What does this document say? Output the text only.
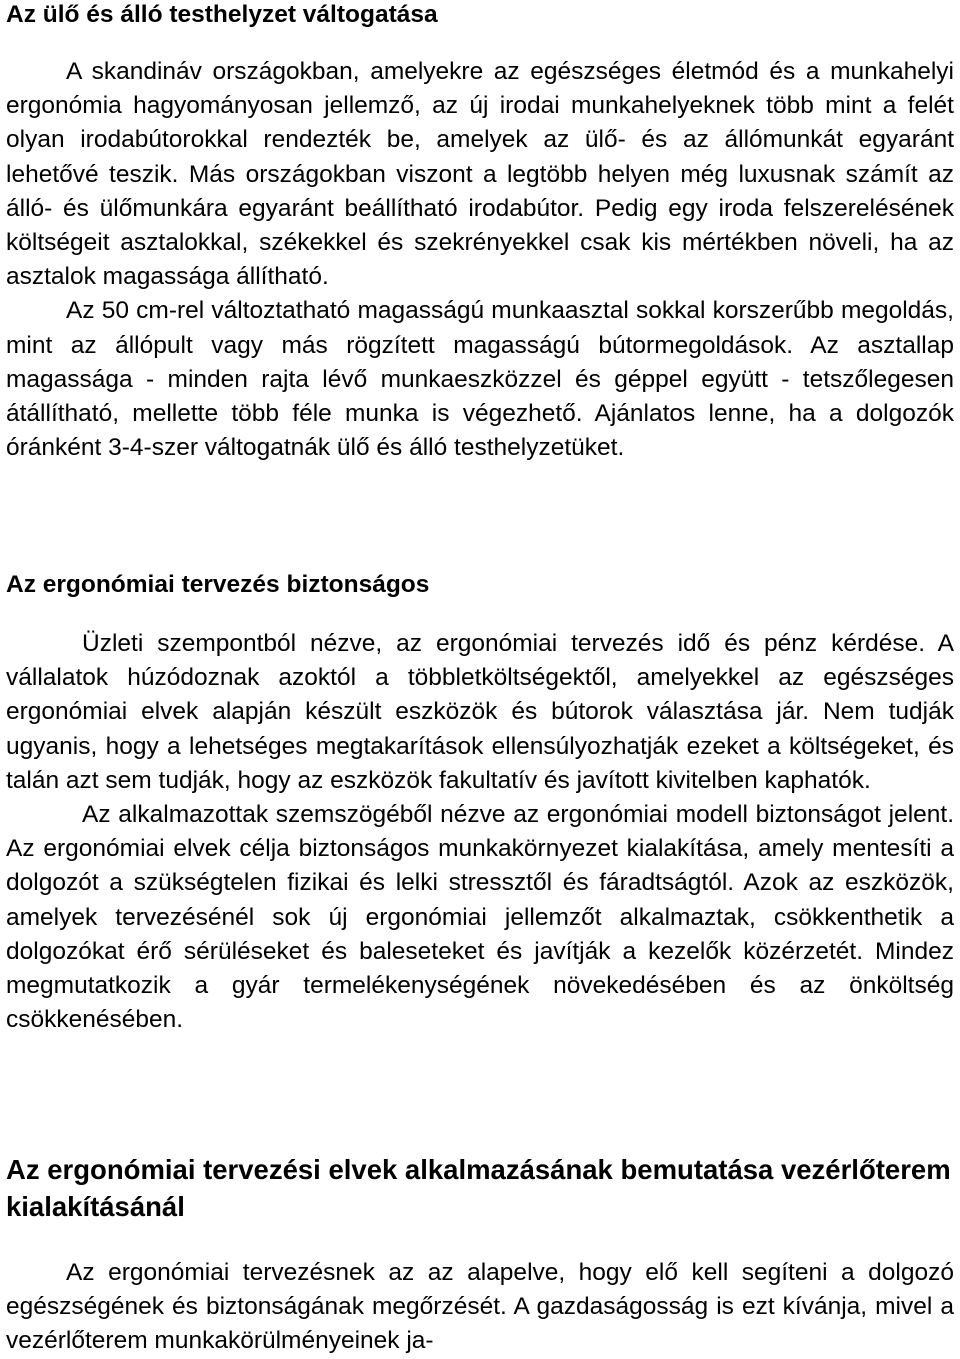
Az ülő és álló testhelyzet váltogatása

A skandináv országokban, amelyekre az egészséges életmód és a munkahelyi ergonómia hagyományosan jellemző, az új irodai munkahelyeknek több mint a felét olyan irodabútorokkal rendezték be, amelyek az ülő- és az állómunkát egyaránt lehetővé teszik. Más országokban viszont a legtöbb helyen még luxusnak számít az álló- és ülőmunkára egyaránt beállítható irodabútor. Pedig egy iroda felszerelésének költségeit asztalokkal, székekkel és szekrényekkel csak kis mértékben növeli, ha az asztalok magassága állítható.

Az 50 cm-rel változtatható magasságú munkaasztal sokkal korszerűbb megoldás, mint az állópult vagy más rögzített magasságú bútormegoldások. Az asztallap magassága - minden rajta lévő munkaeszközzel és géppel együtt - tetszőlegesen átállítható, mellette több féle munka is végezhető. Ajánlatos lenne, ha a dolgozók óránként 3-4-szer váltogatnák ülő és álló testhelyzetüket.

Az ergonómiai tervezés biztonságos

Üzleti szempontból nézve, az ergonómiai tervezés idő és pénz kérdése. A vállalatok húzódoznak azoktól a többletköltségektől, amelyekkel az egészséges ergonómiai elvek alapján készült eszközök és bútorok választása jár. Nem tudják ugyanis, hogy a lehetséges megtakarítások ellensúlyozhatják ezeket a költségeket, és talán azt sem tudják, hogy az eszközök fakultatív és javított kivitelben kaphatók.

Az alkalmazottak szemszögéből nézve az ergonómiai modell biztonságot jelent. Az ergonómiai elvek célja biztonságos munkakörnyezet kialakítása, amely mentesíti a dolgozót a szükségtelen fizikai és lelki stressztől és fáradtságtól. Azok az eszközök, amelyek tervezésénél sok új ergonómiai jellemzőt alkalmaztak, csökkenthetik a dolgozókat érő sérüléseket és baleseteket és javítják a kezelők közérzetét. Mindez megmutatkozik a gyár termelékenységének növekedésében és az önköltség csökkenésében.

Az ergonómiai tervezési elvek alkalmazásának bemutatása vezérlőterem kialakításánál

Az ergonómiai tervezésnek az az alapelve, hogy elő kell segíteni a dolgozó egészségének és biztonságának megőrzését. A gazdaságosság is ezt kívánja, mivel a vezérlőterem munkakörülményeinek ja-
